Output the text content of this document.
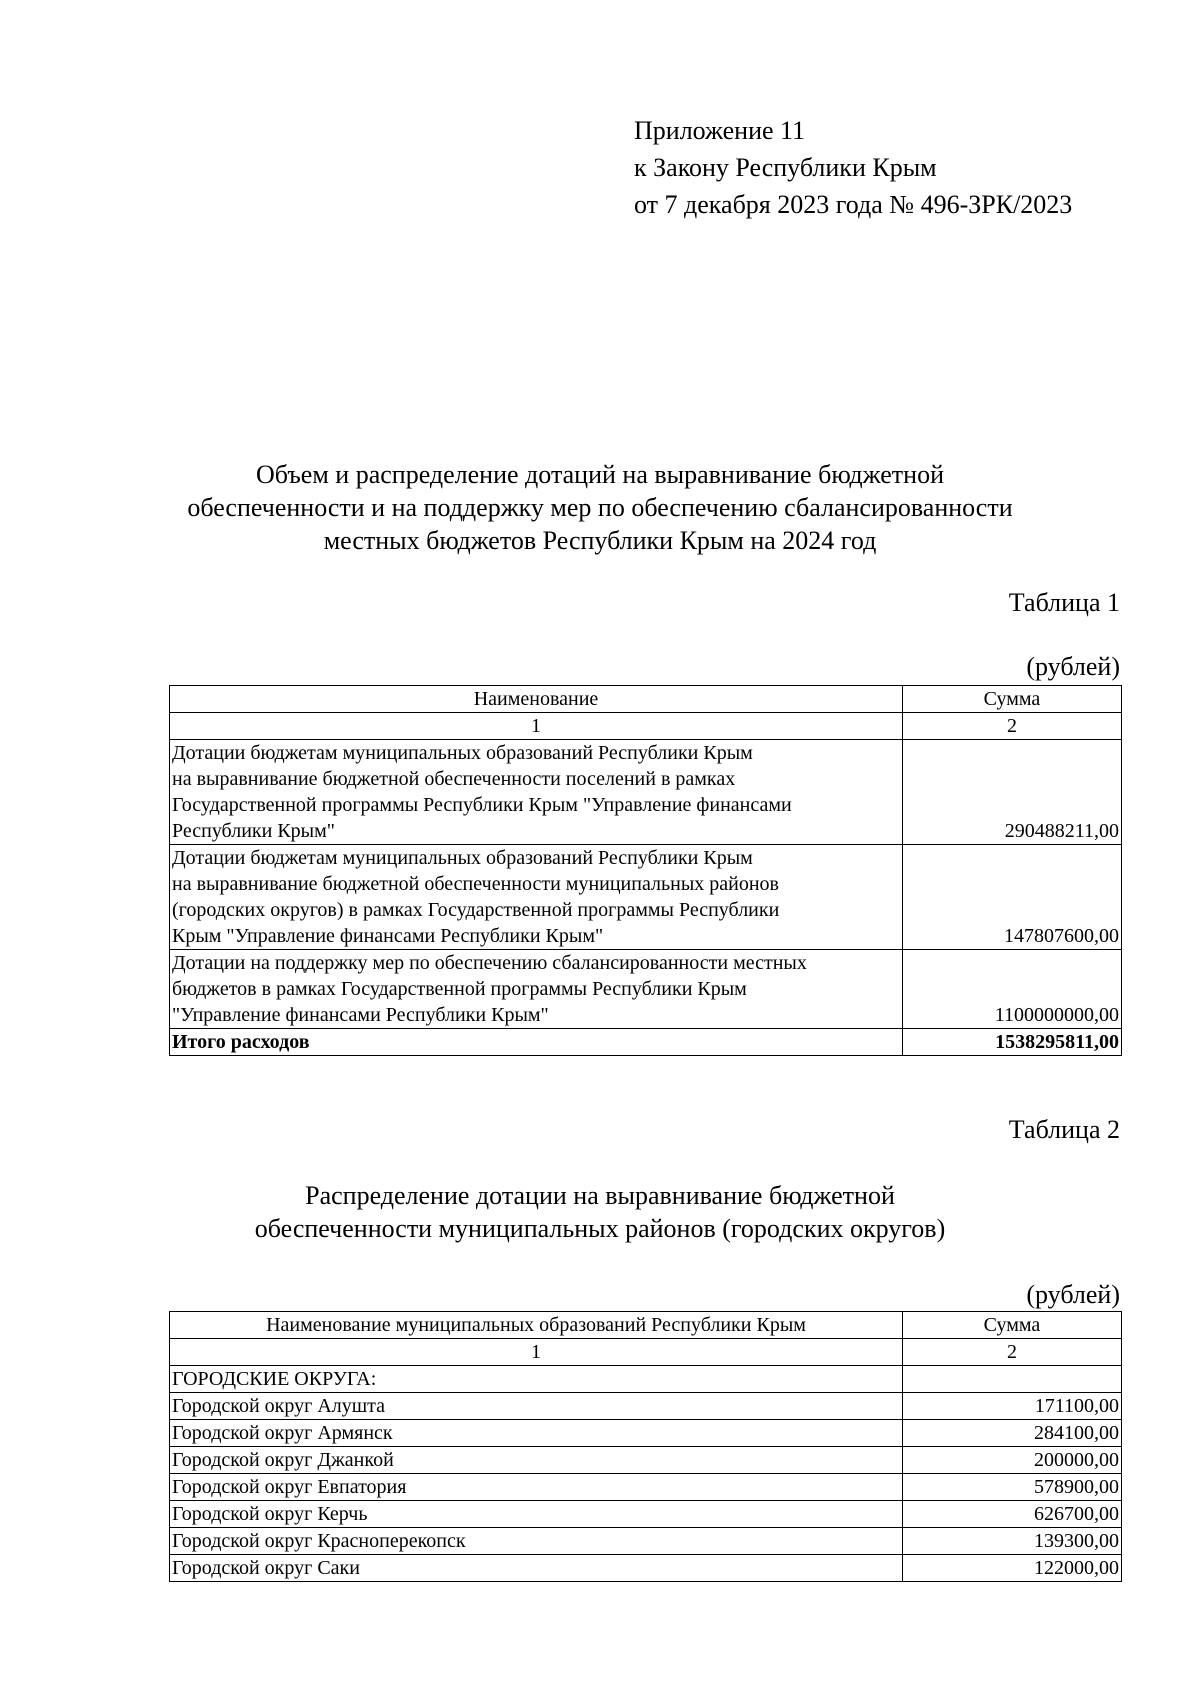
Приложение 11
к Закону Республики Крым
от 7 декабря 2023 года № 496-ЗРК/2023
Объем и распределение дотаций на выравнивание бюджетной
обеспеченности и на поддержку мер по обеспечению сбалансированности
местных бюджетов Республики Крым на 2024 год
Таблица 1
(рублей)
Наименование	Сумма
1	2

Дотации бюджетам муниципальных образований Республики Крым
на выравнивание бюджетной обеспеченности поселений в рамках
Государственной программы Республики Крым "Управление финансами
Республики Крым"	290488211,00

Дотации бюджетам муниципальных образований Республики Крым
на выравнивание бюджетной обеспеченности муниципальных районов
(городских округов) в рамках Государственной программы Республики
Крым "Управление финансами Республики Крым"	147807600,00

Дотации на поддержку мер по обеспечению сбалансированности местных
бюджетов в рамках Государственной программы Республики Крым
"Управление финансами Республики Крым"	1100000000,00
Итого расходов	1538295811,00
Таблица 2
Распределение дотации на выравнивание бюджетной
обеспеченности муниципальных районов (городских округов)
(рублей)
Наименование муниципальных образований Республики Крым	Сумма
1	2
ГОРОДСКИЕ ОКРУГА:	
Городской округ Алушта	171100,00
Городской округ Армянск	284100,00
Городской округ Джанкой	200000,00
Городской округ Евпатория	578900,00
Городской округ Керчь	626700,00
Городской округ Красноперекопск	139300,00
Городской округ Саки	122000,00
